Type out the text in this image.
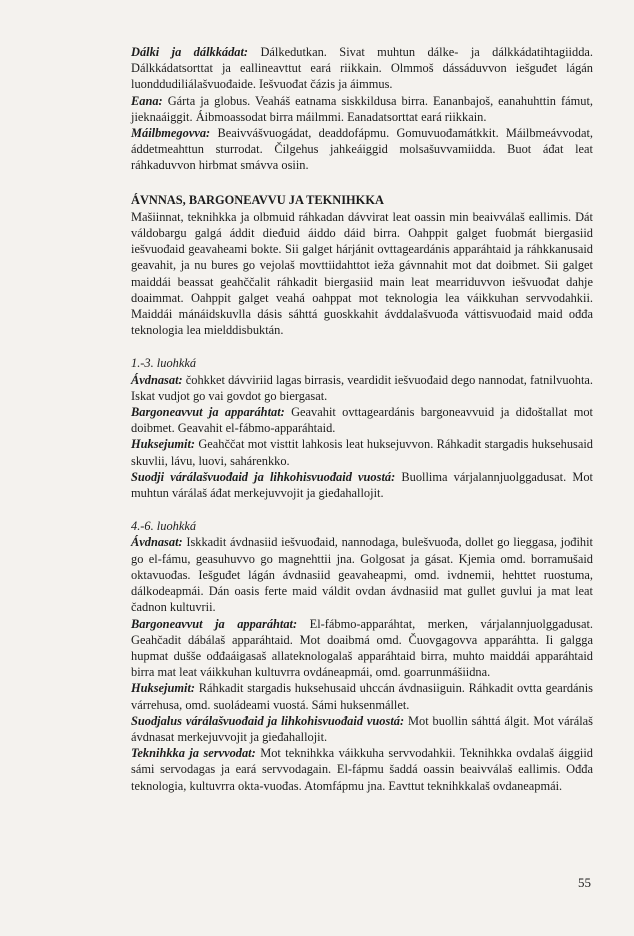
Dálki ja dálkkádat: Dálkedutkan. Sivat muhtun dálke- ja dálkkádatihtagiidda. Dálkkádatsorttat ja eallineavttut eará riikkain. Olmmoš dássáduvvon iešguđet lágán luonddudiliálašvuođaide. Iešvuođat čázis ja áimmus.

Eana: Gárta ja globus. Veaháš eatnama siskkildusa birra. Eananbajoš, eanahuhttin fámut, jieknaáiggit. Áibmoassodat birra máilmmi. Eanadatsorttat eará riikkain.

Máilbmegovva: Beaivvášvuogádat, deaddofápmu. Gomuvuođamátkkit. Máilbmeávvodat, áddetmeahttun sturrodat. Čilgehus jahkeáiggid molsašuvvamiidda. Buot áđat leat ráhkaduvvon hirbmat smávva osiin.

ÁVNNAS, BARGONEAVVU JA TEKNIHKKA

Mašiinnat, teknihkka ja olbmuid ráhkadan dávvirat leat oassin min beaivválaš eallimis. Dát váldobargu galgá áddit dieđuid áiddo dáid birra. Oahppit galget fuobmát biergasiid iešvuođaid geavaheami bokte. Sii galget hárjánit ovttageardánis apparáhtaid ja ráhkkanusaid geavahit, ja nu bures go vejolaš movttiidahttot ieža gávnnahit mot dat doibmet. Sii galget maiddái beassat geahččalit ráhkadit biergasiid main leat mearriduvvon iešvuođat dahje doaimmat. Oahppit galget veahá oahppat mot teknologia lea váikkuhan servvodahkii. Maiddái mánáidskuvlla dásis sáhttá guoskkahit ávddalašvuođa váttisvuođaid maid ođđa teknologia lea mielddisbuktán.

1.-3. luohkká

Ávdnasat: čohkket dávviriid lagas birrasis, veardidit iešvuođaid dego nannodat, fatnilvuohta. Iskat vudjot go vai govdot go biergasat.

Bargoneavvut ja apparáhtat: Geavahit ovttageardánis bargoneavvuid ja diđoštallat mot doibmet. Geavahit el-fábmo-apparáhtaid.

Huksejumit: Geahččat mot visttit lahkosis leat huksejuvvon. Ráhkadit stargadis huksehusaid skuvlii, lávu, luovi, sahárenkko.

Suodji várálašvuođaid ja lihkohisvuođaid vuostá: Buollima várjalannjuolggadusat. Mot muhtun várálaš áđat merkejuvvojit ja gieđahallojit.

4.-6. luohkká

Ávdnasat: Iskkadit ávdnasiid iešvuođaid, nannodaga, bulešvuođa, dollet go lieggasa, jođihit go el-fámu, geasuhuvvo go magnehttii jna. Golgosat ja gásat. Kjemia omd. borramušaid oktavuođas. Iešguđet lágán ávdnasiid geavaheapmi, omd. ivdnemii, hehttet ruostuma, dálkodeapmái. Dán oasis ferte maid váldit ovdan ávdnasiid mat gullet guvlui ja mat leat čadnon kultuvrii.

Bargoneavvut ja apparáhtat: El-fábmo-apparáhtat, merken, várjalannjuolggadusat. Geahčadit dábálaš apparáhtaid. Mot doaibmá omd. Čuovgagovva apparáhtta. Ii galgga hupmat dušše ođđaáigasaš allateknologalaš apparáhtaid birra, muhto maiddái apparáhtaid birra mat leat váikkuhan kultuvrra ovdáneapmái, omd. goarrunmášiidna.

Huksejumit: Ráhkadit stargadis huksehusaid uhccán ávdnasiiguin. Ráhkadit ovtta geardánis várrehusa, omd. suoládeami vuostá. Sámi huksenmállet.

Suodjalus várálašvuođaid ja lihkohisvuođaid vuostá: Mot buollin sáhttá álgit. Mot várálaš ávdnasat merkejuvvojit ja gieđahallojit.

Teknihkka ja servvodat: Mot teknihkka váikkuha servvodahkii. Teknihkka ovdalaš áiggiid sámi servodagas ja eará servvodagain. El-fápmu šaddá oassin beaivválaš eallimis. Ođđa teknologia, kultuvrra okta-vuođas. Atomfápmu jna. Eavttut teknihkkalaš ovdaneapmái.

55
